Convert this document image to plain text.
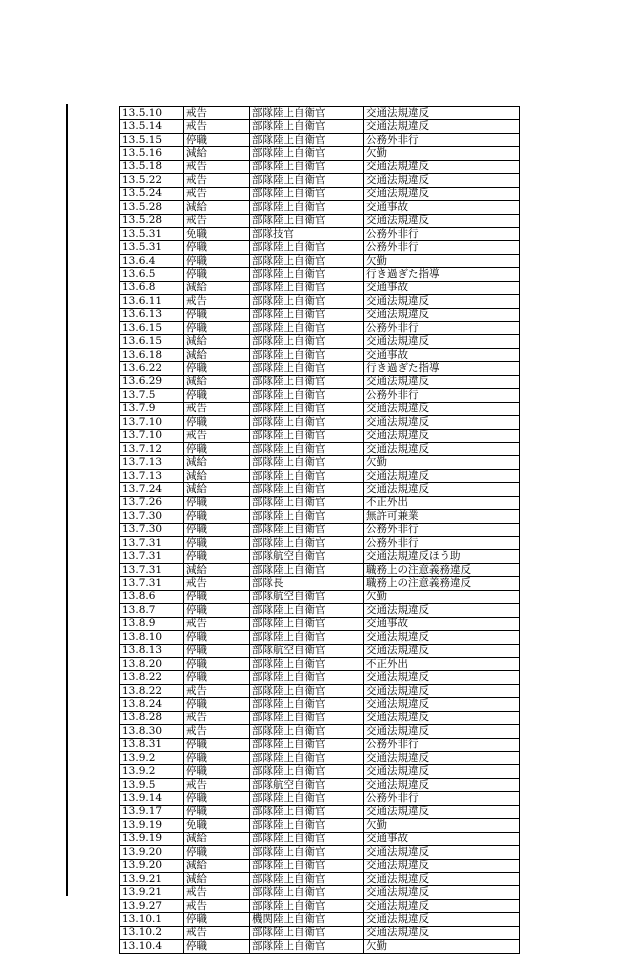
13.5.10	戒告	部隊陸上自衛官	交通法規違反
13.5.14	戒告	部隊陸上自衛官	交通法規違反
13.5.15	停職	部隊陸上自衛官	公務外非行
13.5.16	減給	部隊陸上自衛官	欠勤
13.5.18	戒告	部隊陸上自衛官	交通法規違反
13.5.22	戒告	部隊陸上自衛官	交通法規違反
13.5.24	戒告	部隊陸上自衛官	交通法規違反
13.5.28	減給	部隊陸上自衛官	交通事故
13.5.28	戒告	部隊陸上自衛官	交通法規違反
13.5.31	免職	部隊技官	公務外非行
13.5.31	停職	部隊陸上自衛官	公務外非行
13.6.4	停職	部隊陸上自衛官	欠勤
13.6.5	停職	部隊陸上自衛官	行き過ぎた指導
13.6.8	減給	部隊陸上自衛官	交通事故
13.6.11	戒告	部隊陸上自衛官	交通法規違反
13.6.13	停職	部隊陸上自衛官	交通法規違反
13.6.15	停職	部隊陸上自衛官	公務外非行
13.6.15	減給	部隊陸上自衛官	交通法規違反
13.6.18	減給	部隊陸上自衛官	交通事故
13.6.22	停職	部隊陸上自衛官	行き過ぎた指導
13.6.29	減給	部隊陸上自衛官	交通法規違反
13.7.5	停職	部隊陸上自衛官	公務外非行
13.7.9	戒告	部隊陸上自衛官	交通法規違反
13.7.10	停職	部隊陸上自衛官	交通法規違反
13.7.10	戒告	部隊陸上自衛官	交通法規違反
13.7.12	停職	部隊陸上自衛官	交通法規違反
13.7.13	減給	部隊陸上自衛官	欠勤
13.7.13	減給	部隊陸上自衛官	交通法規違反
13.7.24	減給	部隊陸上自衛官	交通法規違反
13.7.26	停職	部隊陸上自衛官	不正外出
13.7.30	停職	部隊陸上自衛官	無許可兼業
13.7.30	停職	部隊陸上自衛官	公務外非行
13.7.31	停職	部隊陸上自衛官	公務外非行
13.7.31	停職	部隊航空自衛官	交通法規違反ほう助
13.7.31	減給	部隊陸上自衛官	職務上の注意義務違反
13.7.31	戒告	部隊長	職務上の注意義務違反
13.8.6	停職	部隊航空自衛官	欠勤
13.8.7	停職	部隊陸上自衛官	交通法規違反
13.8.9	戒告	部隊陸上自衛官	交通事故
13.8.10	停職	部隊陸上自衛官	交通法規違反
13.8.13	停職	部隊航空自衛官	交通法規違反
13.8.20	停職	部隊陸上自衛官	不正外出
13.8.22	停職	部隊陸上自衛官	交通法規違反
13.8.22	戒告	部隊陸上自衛官	交通法規違反
13.8.24	停職	部隊陸上自衛官	交通法規違反
13.8.28	戒告	部隊陸上自衛官	交通法規違反
13.8.30	戒告	部隊陸上自衛官	交通法規違反
13.8.31	停職	部隊陸上自衛官	公務外非行
13.9.2	停職	部隊陸上自衛官	交通法規違反
13.9.2	停職	部隊陸上自衛官	交通法規違反
13.9.5	戒告	部隊航空自衛官	交通法規違反
13.9.14	停職	部隊陸上自衛官	公務外非行
13.9.17	停職	部隊陸上自衛官	交通法規違反
13.9.19	免職	部隊陸上自衛官	欠勤
13.9.19	減給	部隊陸上自衛官	交通事故
13.9.20	停職	部隊陸上自衛官	交通法規違反
13.9.20	減給	部隊陸上自衛官	交通法規違反
13.9.21	減給	部隊陸上自衛官	交通法規違反
13.9.21	戒告	部隊陸上自衛官	交通法規違反
13.9.27	戒告	部隊陸上自衛官	交通法規違反
13.10.1	停職	機関陸上自衛官	交通法規違反
13.10.2	戒告	部隊陸上自衛官	交通法規違反
13.10.4	停職	部隊陸上自衛官	欠勤
